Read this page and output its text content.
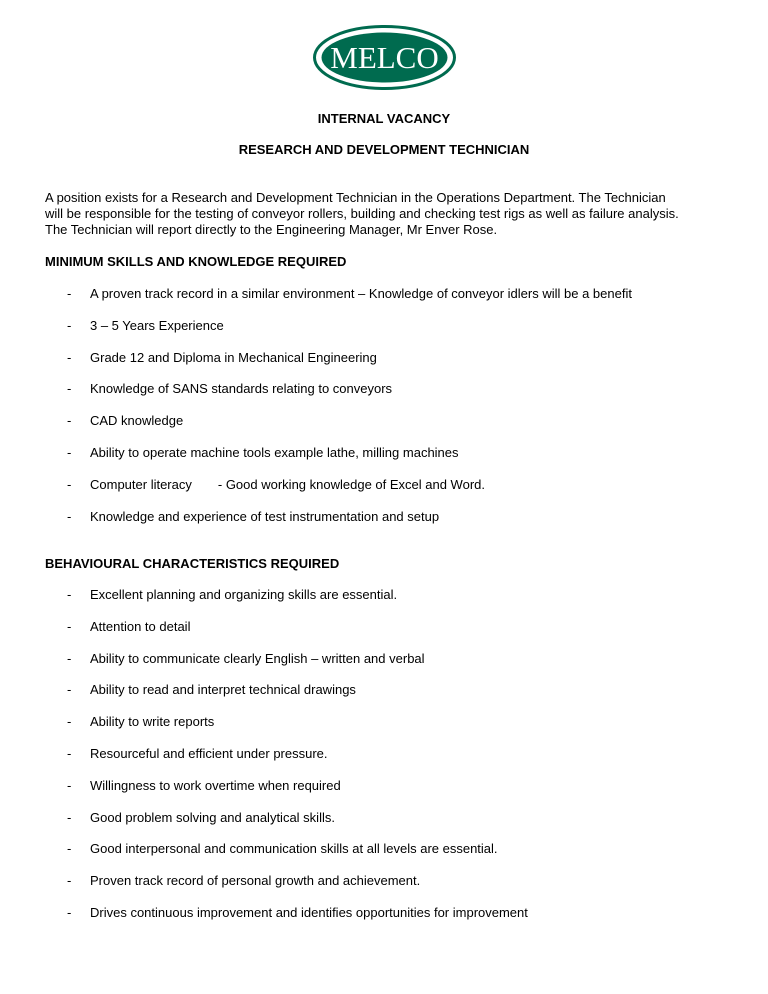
MELCO
INTERNAL VACANCY
RESEARCH AND DEVELOPMENT TECHNICIAN

A position exists for a Research and Development Technician in the Operations Department. The Technician

will be responsible for the testing of conveyor rollers, building and checking test rigs as well as failure analysis.

The Technician will report directly to the Engineering Manager, Mr Enver Rose.

MINIMUM SKILLS AND KNOWLEDGE REQUIRED
- A proven track record in a similar environment – Knowledge of conveyor idlers will be a benefit
- 3 – 5 Years Experience
- Grade 12 and Diploma in Mechanical Engineering
- Knowledge of SANS standards relating to conveyors
- CAD knowledge
- Ability to operate machine tools example lathe, milling machines
- Computer literacy - Good working knowledge of Excel and Word.
- Knowledge and experience of test instrumentation and setup
BEHAVIOURAL CHARACTERISTICS REQUIRED
- Excellent planning and organizing skills are essential.
- Attention to detail
- Ability to communicate clearly English – written and verbal
- Ability to read and interpret technical drawings
- Ability to write reports
- Resourceful and efficient under pressure.
- Willingness to work overtime when required
- Good problem solving and analytical skills.
- Good interpersonal and communication skills at all levels are essential.
- Proven track record of personal growth and achievement.
- Drives continuous improvement and identifies opportunities for improvement
